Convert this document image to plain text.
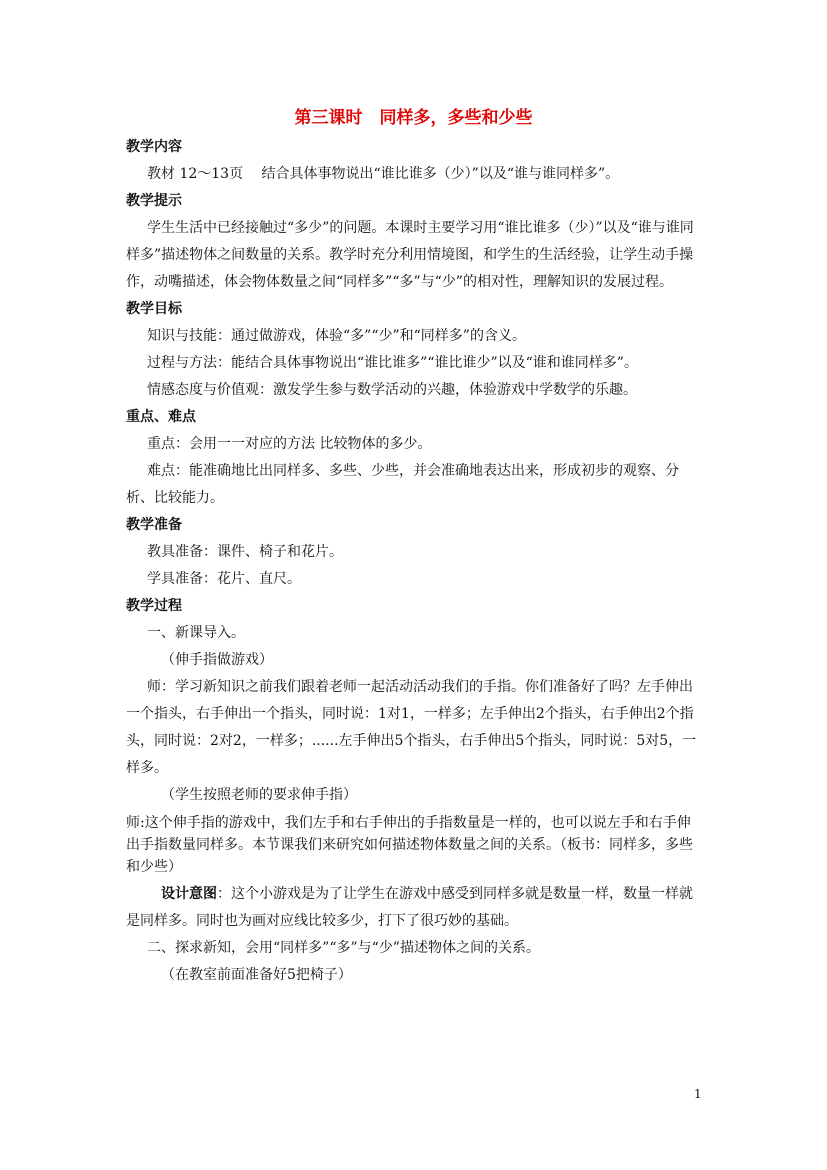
第三课时　同样多，多些和少些

教学内容

教材 12～13页　 结合具体事物说出“谁比谁多（少）”以及“谁与谁同样多”。

教学提示

学生生活中已经接触过“多少”的问题。本课时主要学习用“谁比谁多（少）”以及“谁与谁同样多”描述物体之间数量的关系。教学时充分利用情境图，和学生的生活经验，让学生动手操作，动嘴描述，体会物体数量之间“同样多”“多”与“少”的相对性，理解知识的发展过程。

教学目标

知识与技能：通过做游戏，体验“多”“少”和“同样多”的含义。

过程与方法：能结合具体事物说出“谁比谁多”“谁比谁少”以及“谁和谁同样多”。

情感态度与价值观：激发学生参与数学活动的兴趣，体验游戏中学数学的乐趣。

重点、难点

重点：会用一一对应的方法 比较物体的多少。

难点：能准确地比出同样多、多些、少些，并会准确地表达出来，形成初步的观察、分析、比较能力。

教学准备

教具准备：课件、椅子和花片。

学具准备：花片、直尺。

教学过程

一、新课导入。

（伸手指做游戏）

师：学习新知识之前我们跟着老师一起活动活动我们的手指。你们准备好了吗？左手伸出一个指头，右手伸出一个指头，同时说：1对1，一样多；左手伸出2个指头，右手伸出2个指头，同时说：2对2，一样多；......左手伸出5个指头，右手伸出5个指头，同时说：5对5，一样多。

（学生按照老师的要求伸手指）

师:这个伸手指的游戏中，我们左手和右手伸出的手指数量是一样的，也可以说左手和右手伸出手指数量同样多。本节课我们来研究如何描述物体数量之间的关系。（板书：同样多，多些和少些）

设计意图：这个小游戏是为了让学生在游戏中感受到同样多就是数量一样，数量一样就是同样多。同时也为画对应线比较多少，打下了很巧妙的基础。

二、探求新知，会用“同样多”“多”与“少”描述物体之间的关系。

（在教室前面准备好5把椅子）

1
